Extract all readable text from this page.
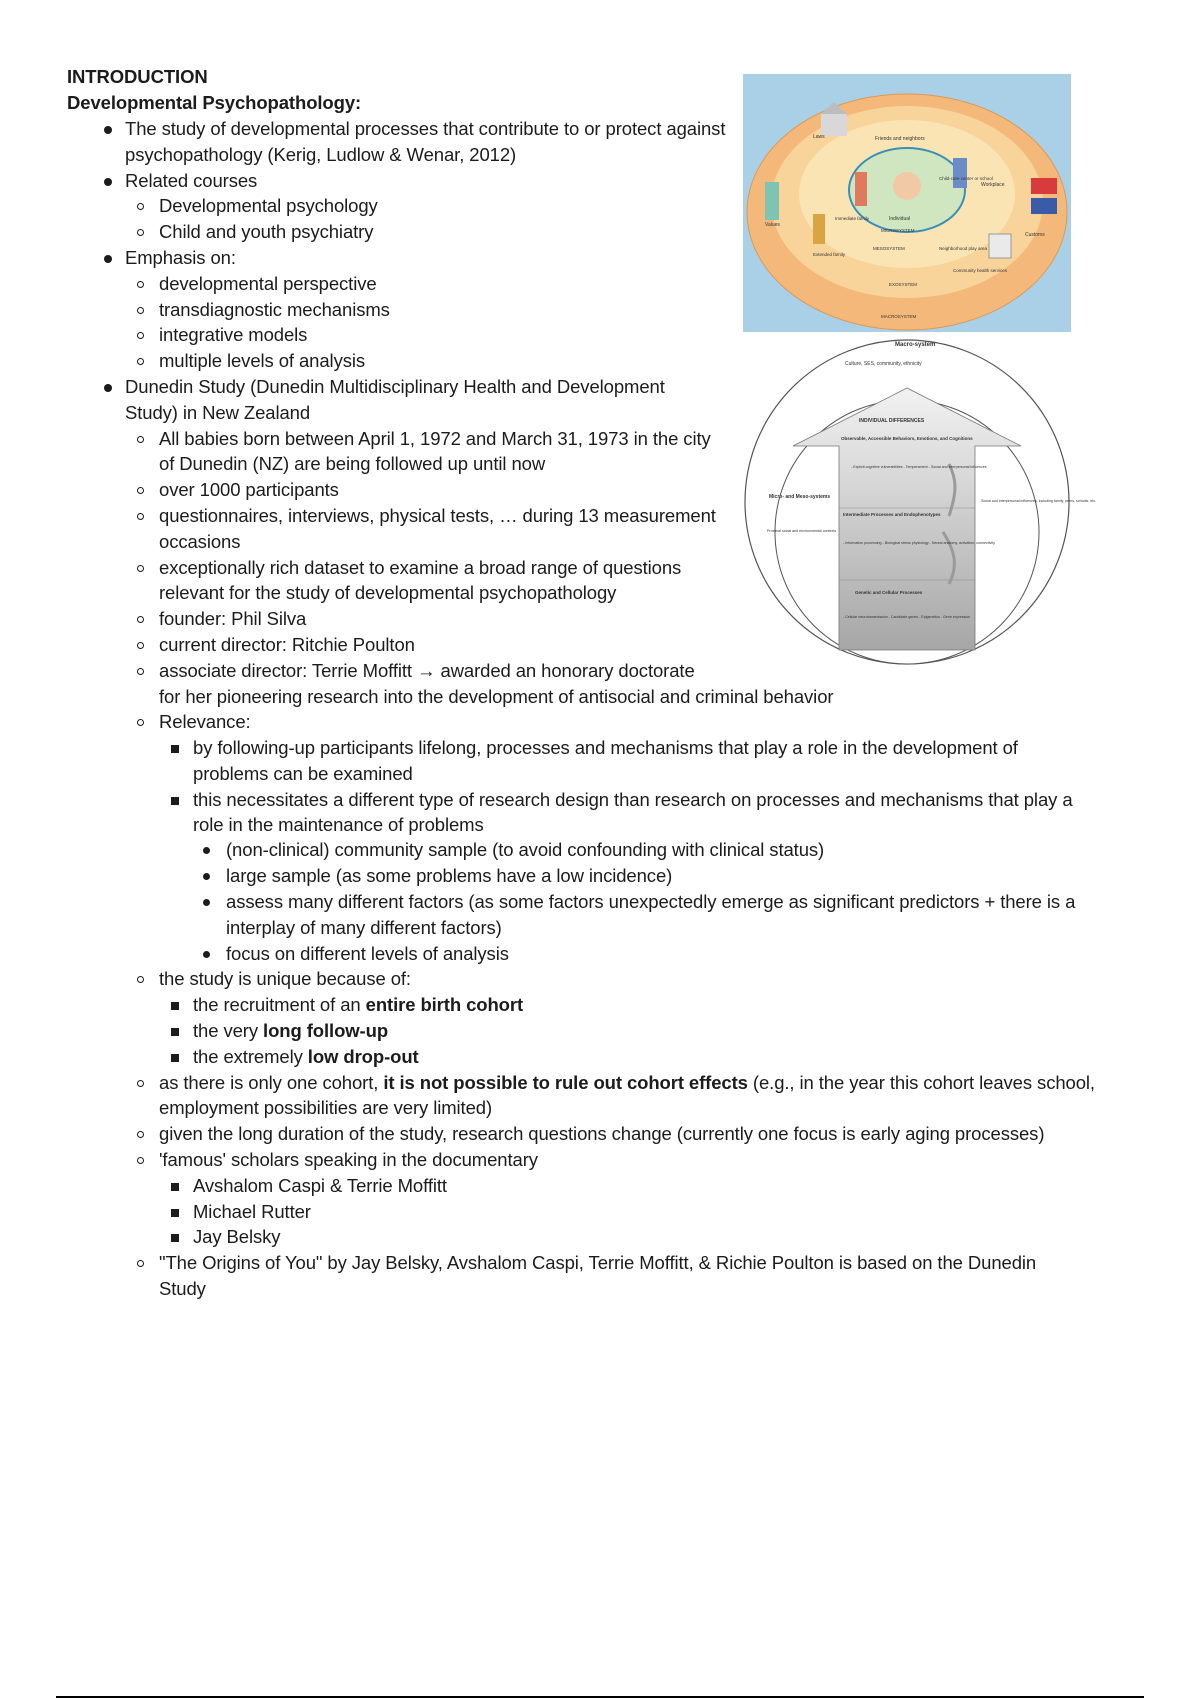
INTRODUCTION
Developmental Psychopathology:
The study of developmental processes that contribute to or protect against
psychopathology (Kerig, Ludlow & Wenar, 2012)
Related courses
Developmental psychology
Child and youth psychiatry
Emphasis on:
developmental perspective
transdiagnostic mechanisms
integrative models
multiple levels of analysis
Dunedin Study (Dunedin Multidisciplinary Health and Development
Study) in New Zealand
All babies born between April 1, 1972 and March 31, 1973 in the city
of Dunedin (NZ) are being followed up until now
over 1000 participants
questionnaires, interviews, physical tests, … during 13 measurement
occasions
exceptionally rich dataset to examine a broad range of questions
relevant for the study of developmental psychopathology
founder: Phil Silva
current director: Ritchie Poulton
associate director: Terrie Moffitt → awarded an honorary doctorate
for her pioneering research into the development of antisocial and criminal behavior
Relevance:
by following-up participants lifelong, processes and mechanisms that play a role in the development of
problems can be examined
this necessitates a different type of research design than research on processes and mechanisms that play a
role in the maintenance of problems
(non-clinical) community sample (to avoid confounding with clinical status)
large sample (as some problems have a low incidence)
assess many different factors (as some factors unexpectedly emerge as significant predictors + there is a
interplay of many different factors)
focus on different levels of analysis
the study is unique because of:
the recruitment of an entire birth cohort
the very long follow-up
the extremely low drop-out
as there is only one cohort, it is not possible to rule out cohort effects (e.g., in the year this cohort leaves school,
employment possibilities are very limited)
given the long duration of the study, research questions change (currently one focus is early aging processes)
'famous' scholars speaking in the documentary
Avshalom Caspi & Terrie Moffitt
Michael Rutter
Jay Belsky
"The Origins of You" by Jay Belsky, Avshalom Caspi, Terrie Moffitt, & Richie Poulton is based on the Dunedin
Study
Laws	Friends and neighbors
Values
Customs
Child-care center or school
Workplace
Immediate family	Individual
MICROSYSTEM
MESOSYSTEM	Neighborhood play area
Extended family
Community health services
EXOSYSTEM
MACROSYSTEM
Macro-system
Culture, SES, community, ethnicity
INDIVIDUAL DIFFERENCES
Observable, Accessible Behaviors, Emotions, and Cognitions
- Explicit cognitive vulnerabilities - Temperament - Social and interpersonal influences
Intermediate Processes and Endophenotypes
- Information processing - Biological stress physiology - Neural anatomy, activation, connectivity
Genetic and Cellular Processes
- Cellular neurotransmission - Candidate genes - Epigenetics - Gene expression
Micro- and Meso-systems
Proximal social and environmental contexts
Social and interpersonal influences, including family, peers, schools, etc.
